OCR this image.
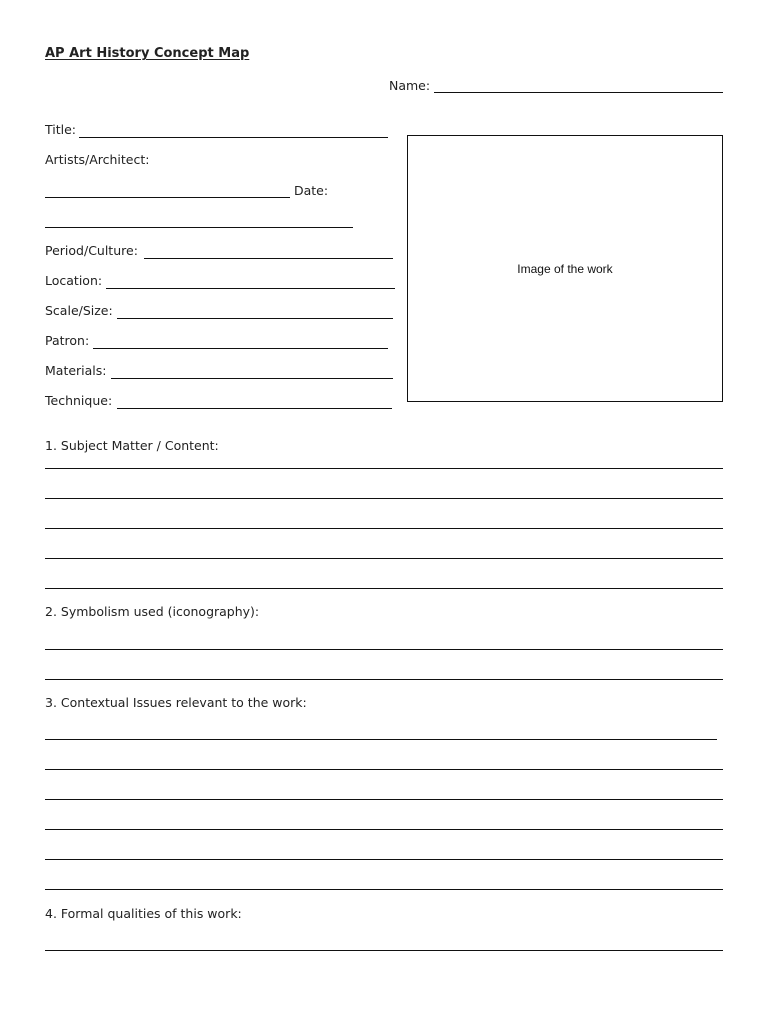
AP Art History Concept Map
Name:
Title:
Artists/Architect:
Date:
Period/Culture:
Location:
Scale/Size:
Patron:
Materials:
Technique:
Image of the work
1. Subject Matter / Content:
2. Symbolism used (iconography):
3. Contextual Issues relevant to the work:
4. Formal qualities of this work:
